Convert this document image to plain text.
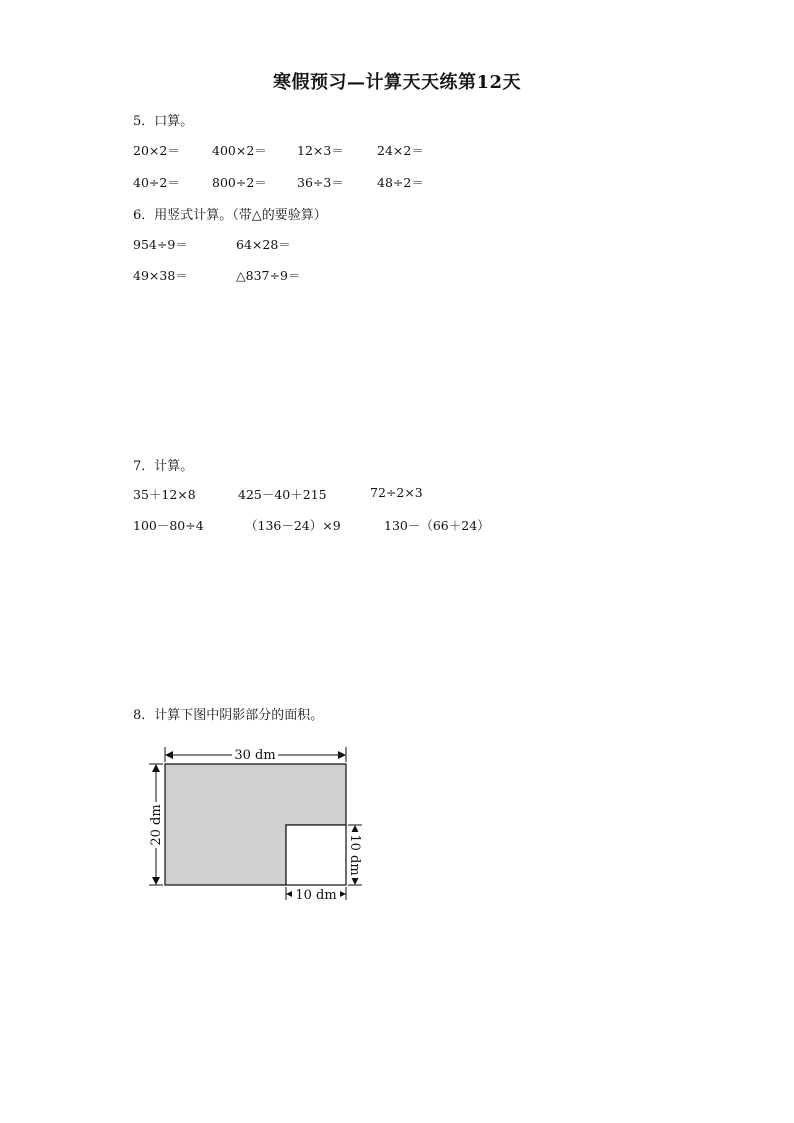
寒假预习—计算天天练第12天
5．口算。
20×2＝	400×2＝ 12×3＝	24×2＝
40÷2＝	800÷2＝ 36÷3＝	48÷2＝
6．用竖式计算。（带△的要验算）
954÷9＝	64×28＝
49×38＝	△837÷9＝
7．计算。
35＋12×8	425－40＋215	72÷2×3
100－80÷4	（136－24）×9	130－（66＋24）
8．计算下图中阴影部分的面积。
30 dm
20 dm
10 dm
10 dm
